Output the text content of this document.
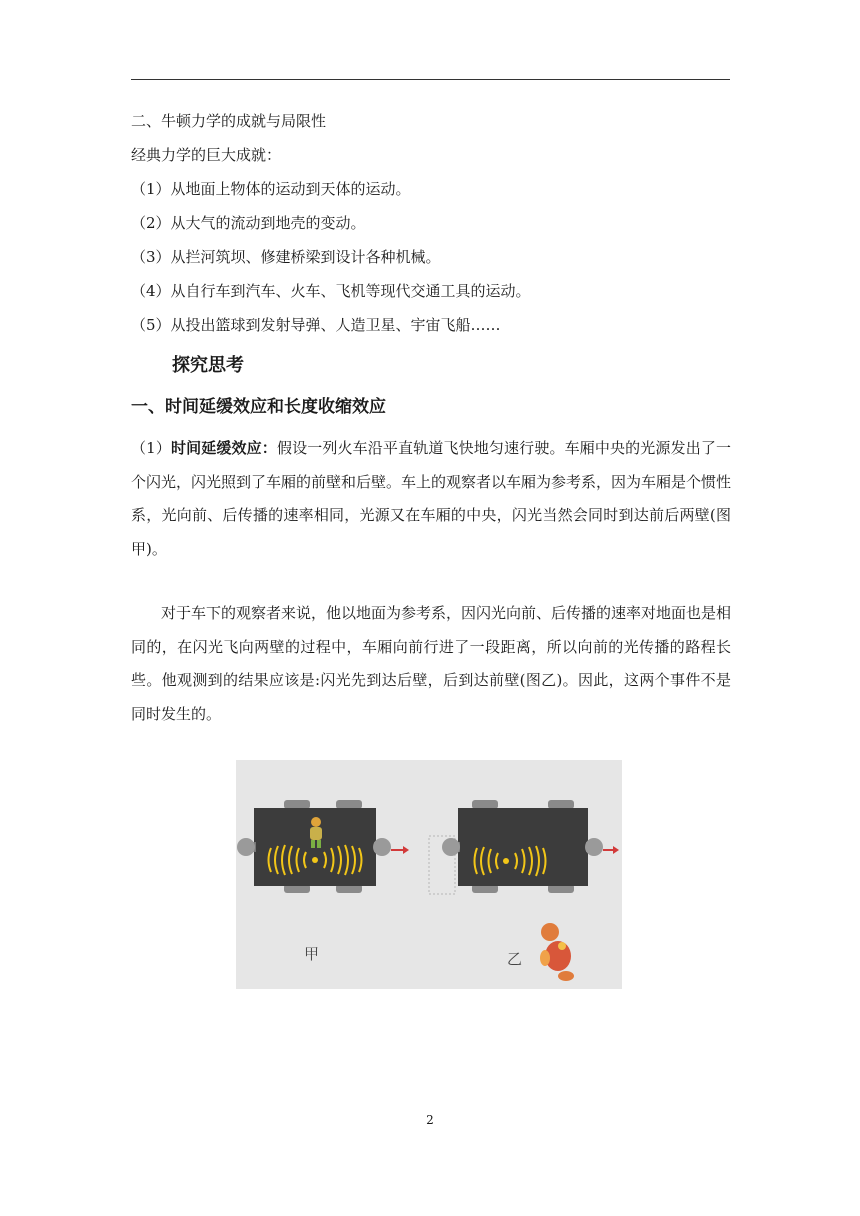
二、牛顿力学的成就与局限性
经典力学的巨大成就：
（1）从地面上物体的运动到天体的运动。
（2）从大气的流动到地壳的变动。
（3）从拦河筑坝、修建桥梁到设计各种机械。
（4）从自行车到汽车、火车、飞机等现代交通工具的运动。
（5）从投出篮球到发射导弹、人造卫星、宇宙飞船……
探究思考
一、时间延缓效应和长度收缩效应
（1）时间延缓效应：假设一列火车沿平直轨道飞快地匀速行驶。车厢中央的光源发出了一个闪光，闪光照到了车厢的前壁和后壁。车上的观察者以车厢为参考系，因为车厢是个惯性系，光向前、后传播的速率相同，光源又在车厢的中央，闪光当然会同时到达前后两壁(图甲)。
对于车下的观察者来说，他以地面为参考系，因闪光向前、后传播的速率对地面也是相同的，在闪光飞向两壁的过程中，车厢向前行进了一段距离，所以向前的光传播的路程长些。他观测到的结果应该是:闪光先到达后壁，后到达前壁(图乙)。因此，这两个事件不是同时发生的。
甲	乙
2
